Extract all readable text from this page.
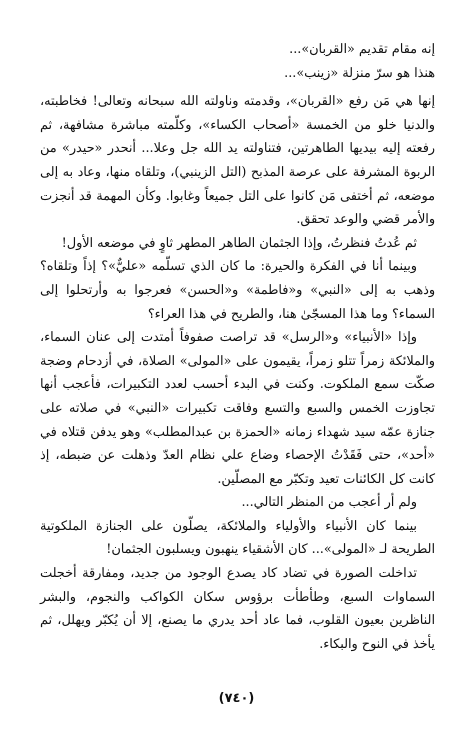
إنه مقام تقديم «القربان»...

هنذا هو سرّ منزلة «زينب»...

إنها هي مَن رفع «القربان»، وقدمته وناولته الله سبحانه وتعالى! فخاطبته، والدنيا خلو من الخمسة «أصحاب الكساء»، وكلّمته مباشرة مشافهة، ثم رفعته إليه بيديها الطاهرتين، فتناولته يد الله جل وعلا... أنحدر «حيدر» من الربوة المشرفة على عرصة المذبح (التل الزينبي)، وتلقاه منها، وعاد به إلى موضعه، ثم أختفى مَن كانوا على التل جميعاً وغابوا. وكأن المهمة قد أنجزت والأمر قضي والوعد تحقق.

ثم عُدتُ فنظرتُ، وإذا الجثمان الطاهر المطهر ثاوٍ في موضعه الأول!

وبينما أنا في الفكرة والحيرة: ما كان الذي تسلّمه «عليٌّ»؟ إذاً وتلقاه؟ وذهب به إلى «النبي» و«فاطمة» و«الحسن» فعرجوا به وأرتحلوا إلى السماء؟ وما هذا المسجّىٰ هنا، والطريح في هذا العراء؟

وإذا «الأنبياء» و«الرسل» قد تراصت صفوفاً أمتدت إلى عنان السماء، والملائكة زمراً تتلو زمراً، يقيمون على «المولى» الصلاة، في أزدحام وضجة صكّت سمع الملكوت. وكنت في البدء أحسب لعدد التكبيرات، فأعجب أنها تجاوزت الخمس والسبع والتسع وفاقت تكبيرات «النبي» في صلاته على جنازة عمّه سيد شهداء زمانه «الحمزة بن عبدالمطلب» وهو يدفن قتلاه في «أحد»، حتى فَقَدْتُ الإحصاء وضاع علي نظام العدّ وذهلت عن ضبطه، إذ كانت كل الكائنات تعيد وتكبّر مع المصلّين.

ولم أر أعجب من المنظر التالي...

بينما كان الأنبياء والأولياء والملائكة، يصلّون على الجنازة الملكوتية الطريحة لـ «المولى»... كان الأشقياء ينهبون ويسلبون الجثمان!

تداخلت الصورة في تضاد كاد يصدع الوجود من جديد، ومفارقة أخجلت السماوات السبع، وطأطأت برؤوس سكان الكواكب والنجوم، والبشر الناظرين بعيون القلوب، فما عاد أحد يدري ما يصنع، إلا أن يُكبّر ويهلل، ثم يأخذ في النوح والبكاء.

(٧٤٠)
